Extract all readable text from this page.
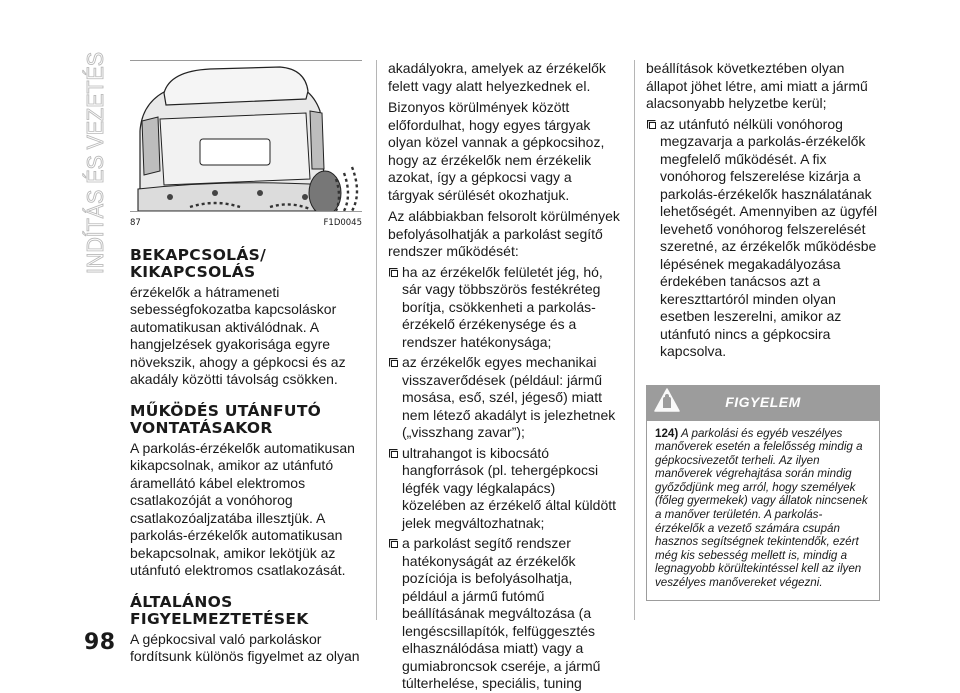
INDÍTÁS ÉS VEZETÉS
98
87	F1D0045
BEKAPCSOLÁS/ KIKAPCSOLÁS

érzékelők a hátrameneti sebességfokozatba kapcsoláskor automatikusan aktiválódnak. A hangjelzések gyakorisága egyre növekszik, ahogy a gépkocsi és az akadály közötti távolság csökken.

MŰKÖDÉS UTÁNFUTÓ VONTATÁSAKOR

A parkolás-érzékelők automatikusan kikapcsolnak, amikor az utánfutó áramellátó kábel elektromos csatlakozóját a vonóhorog csatlakozóaljzatába illesztjük. A parkolás-érzékelők automatikusan bekapcsolnak, amikor lekötjük az utánfutó elektromos csatlakozását.

ÁLTALÁNOS FIGYELMEZTETÉSEK

A gépkocsival való parkoláskor fordítsunk különös figyelmet az olyan

akadályokra, amelyek az érzékelők felett vagy alatt helyezkednek el.

Bizonyos körülmények között előfordulhat, hogy egyes tárgyak olyan közel vannak a gépkocsihoz, hogy az érzékelők nem érzékelik azokat, így a gépkocsi vagy a tárgyak sérülését okozhatjuk.

Az alábbiakban felsorolt körülmények befolyásolhatják a parkolást segítő rendszer működését:

ha az érzékelők felületét jég, hó, sár vagy többszörös festékréteg borítja, csökkenheti a parkolás-érzékelő érzékenysége és a rendszer hatékonysága;
az érzékelők egyes mechanikai visszaverődések (például: jármű mosása, eső, szél, jégeső) miatt nem létező akadályt is jelezhetnek („visszhang zavar”);
ultrahangot is kibocsátó hangforrások (pl. tehergépkocsi légfék vagy légkalapács) közelében az érzékelő által küldött jelek megváltozhatnak;
a parkolást segítő rendszer hatékonyságát az érzékelők pozíciója is befolyásolhatja, például a jármű futómű beállításának megváltozása (a lengéscsillapítók, felfüggesztés elhasználódása miatt) vagy a gumiabroncsok cseréje, a jármű túlterhelése, speciális, tuning

beállítások következtében olyan állapot jöhet létre, ami miatt a jármű alacsonyabb helyzetbe kerül;

az utánfutó nélküli vonóhorog megzavarja a parkolás-érzékelők megfelelő működését. A fix vonóhorog felszerelése kizárja a parkolás-érzékelők használatának lehetőségét. Amennyiben az ügyfél levehető vonóhorog felszerelését szeretné, az érzékelők működésbe lépésének megakadályozása érdekében tanácsos azt a kereszttartóról minden olyan esetben leszerelni, amikor az utánfutó nincs a gépkocsira kapcsolva.
FIGYELEM
124) A parkolási és egyéb veszélyes manőverek esetén a felelősség mindig a gépkocsivezetőt terheli. Az ilyen manőverek végrehajtása során mindig győződjünk meg arról, hogy személyek (főleg gyermekek) vagy állatok nincsenek a manőver területén. A parkolás-érzékelők a vezető számára csupán hasznos segítségnek tekintendők, ezért még kis sebesség mellett is, mindig a legnagyobb körültekintéssel kell az ilyen veszélyes manővereket végezni.
